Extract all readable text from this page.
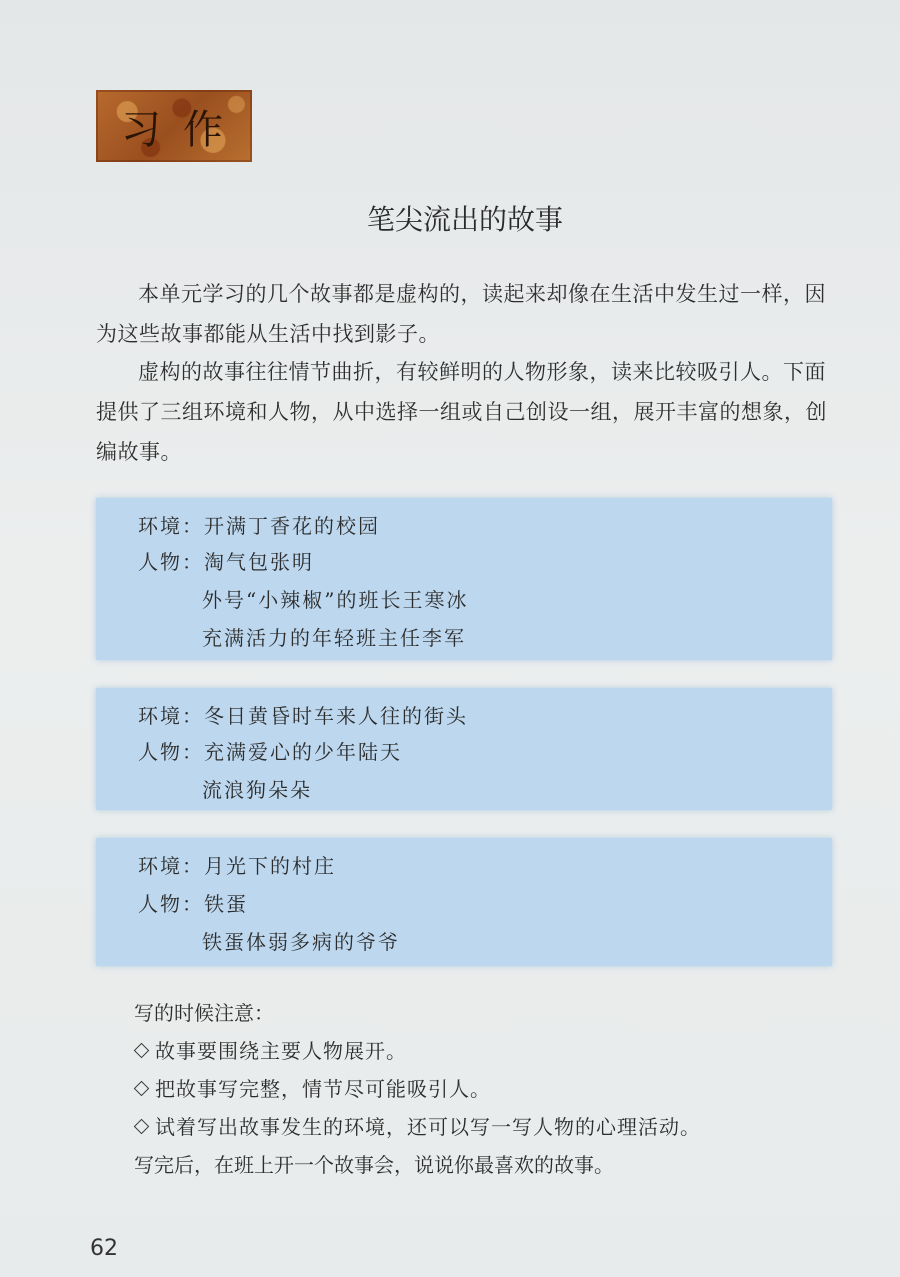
习作
笔尖流出的故事
本单元学习的几个故事都是虚构的，读起来却像在生活中发生过一样，因为这些故事都能从生活中找到影子。
虚构的故事往往情节曲折，有较鲜明的人物形象，读来比较吸引人。下面提供了三组环境和人物，从中选择一组或自己创设一组，展开丰富的想象，创编故事。
环境：开满丁香花的校园
人物：淘气包张明
外号“小辣椒”的班长王寒冰
充满活力的年轻班主任李军
环境：冬日黄昏时车来人往的街头
人物：充满爱心的少年陆天
流浪狗朵朵
环境：月光下的村庄
人物：铁蛋
铁蛋体弱多病的爷爷
写的时候注意：
故事要围绕主要人物展开。
把故事写完整，情节尽可能吸引人。
试着写出故事发生的环境，还可以写一写人物的心理活动。
写完后，在班上开一个故事会，说说你最喜欢的故事。
62
